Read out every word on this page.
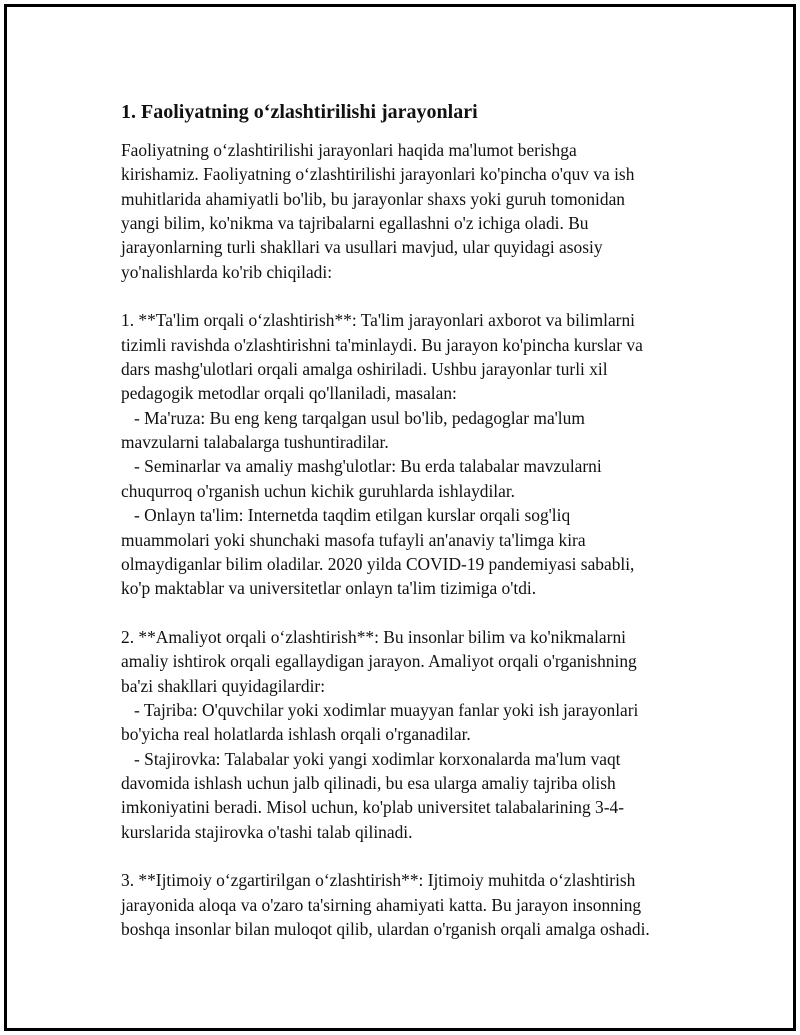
1. Faoliyatning o‘zlashtirilishi jarayonlari
Faoliyatning o‘zlashtirilishi jarayonlari haqida ma'lumot berishga
kirishamiz. Faoliyatning o‘zlashtirilishi jarayonlari ko'pincha o'quv va ish
muhitlarida ahamiyatli bo'lib, bu jarayonlar shaxs yoki guruh tomonidan
yangi bilim, ko'nikma va tajribalarni egallashni o'z ichiga oladi. Bu
jarayonlarning turli shakllari va usullari mavjud, ular quyidagi asosiy
yo'nalishlarda ko'rib chiqiladi:
1. **Ta'lim orqali o‘zlashtirish**: Ta'lim jarayonlari axborot va bilimlarni
tizimli ravishda o'zlashtirishni ta'minlaydi. Bu jarayon ko'pincha kurslar va
dars mashg'ulotlari orqali amalga oshiriladi. Ushbu jarayonlar turli xil
pedagogik metodlar orqali qo'llaniladi, masalan:
- Ma'ruza: Bu eng keng tarqalgan usul bo'lib, pedagoglar ma'lum
mavzularni talabalarga tushuntiradilar.
- Seminarlar va amaliy mashg'ulotlar: Bu erda talabalar mavzularni
chuqurroq o'rganish uchun kichik guruhlarda ishlaydilar.
- Onlayn ta'lim: Internetda taqdim etilgan kurslar orqali sog'liq
muammolari yoki shunchaki masofa tufayli an'anaviy ta'limga kira
olmaydiganlar bilim oladilar. 2020 yilda COVID-19 pandemiyasi sababli,
ko'p maktablar va universitetlar onlayn ta'lim tizimiga o'tdi.
2. **Amaliyot orqali o‘zlashtirish**: Bu insonlar bilim va ko'nikmalarni
amaliy ishtirok orqali egallaydigan jarayon. Amaliyot orqali o'rganishning
ba'zi shakllari quyidagilardir:
- Tajriba: O'quvchilar yoki xodimlar muayyan fanlar yoki ish jarayonlari
bo'yicha real holatlarda ishlash orqali o'rganadilar.
- Stajirovka: Talabalar yoki yangi xodimlar korxonalarda ma'lum vaqt
davomida ishlash uchun jalb qilinadi, bu esa ularga amaliy tajriba olish
imkoniyatini beradi. Misol uchun, ko'plab universitet talabalarining 3-4-
kurslarida stajirovka o'tashi talab qilinadi.
3. **Ijtimoiy o‘zgartirilgan o‘zlashtirish**: Ijtimoiy muhitda o‘zlashtirish
jarayonida aloqa va o'zaro ta'sirning ahamiyati katta. Bu jarayon insonning
boshqa insonlar bilan muloqot qilib, ulardan o'rganish orqali amalga oshadi.
